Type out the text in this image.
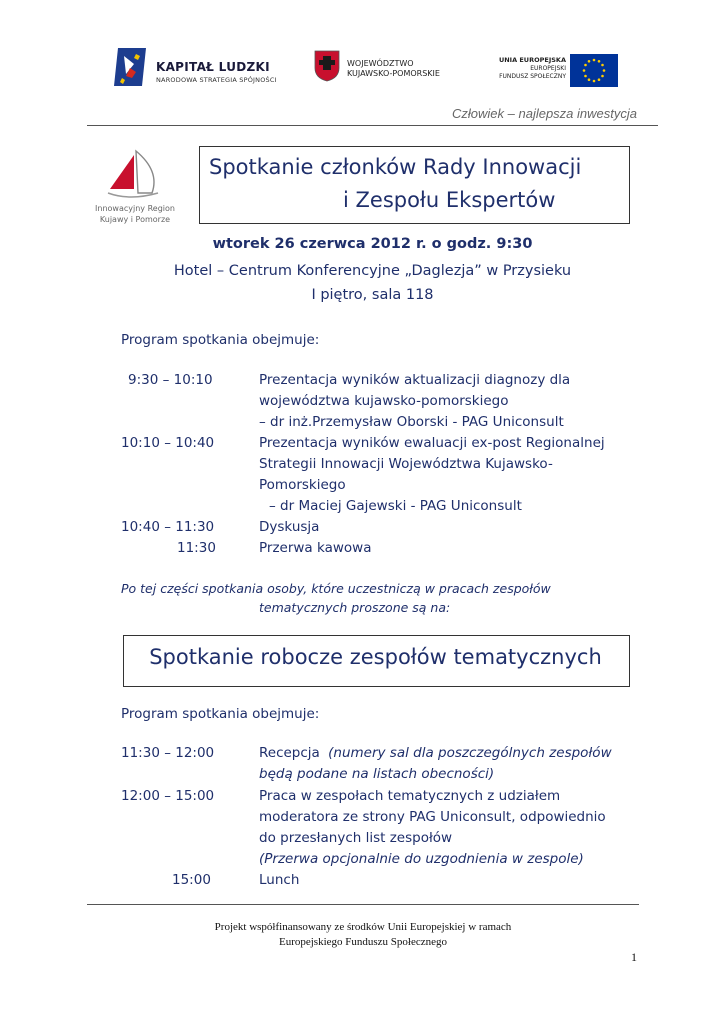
KAPITAŁ LUDZKI
NARODOWA STRATEGIA SPÓJNOŚCI
WOJEWÓDZTWO
KUJAWSKO-POMORSKIE
UNIA EUROPEJSKA
EUROPEJSKI
FUNDUSZ SPOŁECZNY
Człowiek – najlepsza inwestycja
Innowacyjny Region
Kujawy i Pomorze
Spotkanie członków Rady Innowacji
i Zespołu Ekspertów
wtorek 26 czerwca 2012 r. o godz. 9:30
Hotel – Centrum Konferencyjne „Daglezja” w Przysieku
I piętro, sala 118
Program spotkania obejmuje:
9:30 – 10:10	Prezentacja wyników aktualizacji diagnozy dla
województwa kujawsko-pomorskiego
– dr inż.Przemysław Oborski - PAG Uniconsult
10:10 – 10:40	Prezentacja wyników ewaluacji ex-post Regionalnej
Strategii Innowacji Województwa Kujawsko-
Pomorskiego
– dr Maciej Gajewski - PAG Uniconsult
10:40 – 11:30	Dyskusja
11:30	Przerwa kawowa
Po tej części spotkania osoby, które uczestniczą w pracach zespołów
tematycznych proszone są na:
Spotkanie robocze zespołów tematycznych
Program spotkania obejmuje:
11:30 – 12:00	Recepcja (numery sal dla poszczególnych zespołów
będą podane na listach obecności)
12:00 – 15:00	Praca w zespołach tematycznych z udziałem
moderatora ze strony PAG Uniconsult, odpowiednio
do przesłanych list zespołów
(Przerwa opcjonalnie do uzgodnienia w zespole)
15:00	Lunch
Projekt współfinansowany ze środków Unii Europejskiej w ramach
Europejskiego Funduszu Społecznego
1
